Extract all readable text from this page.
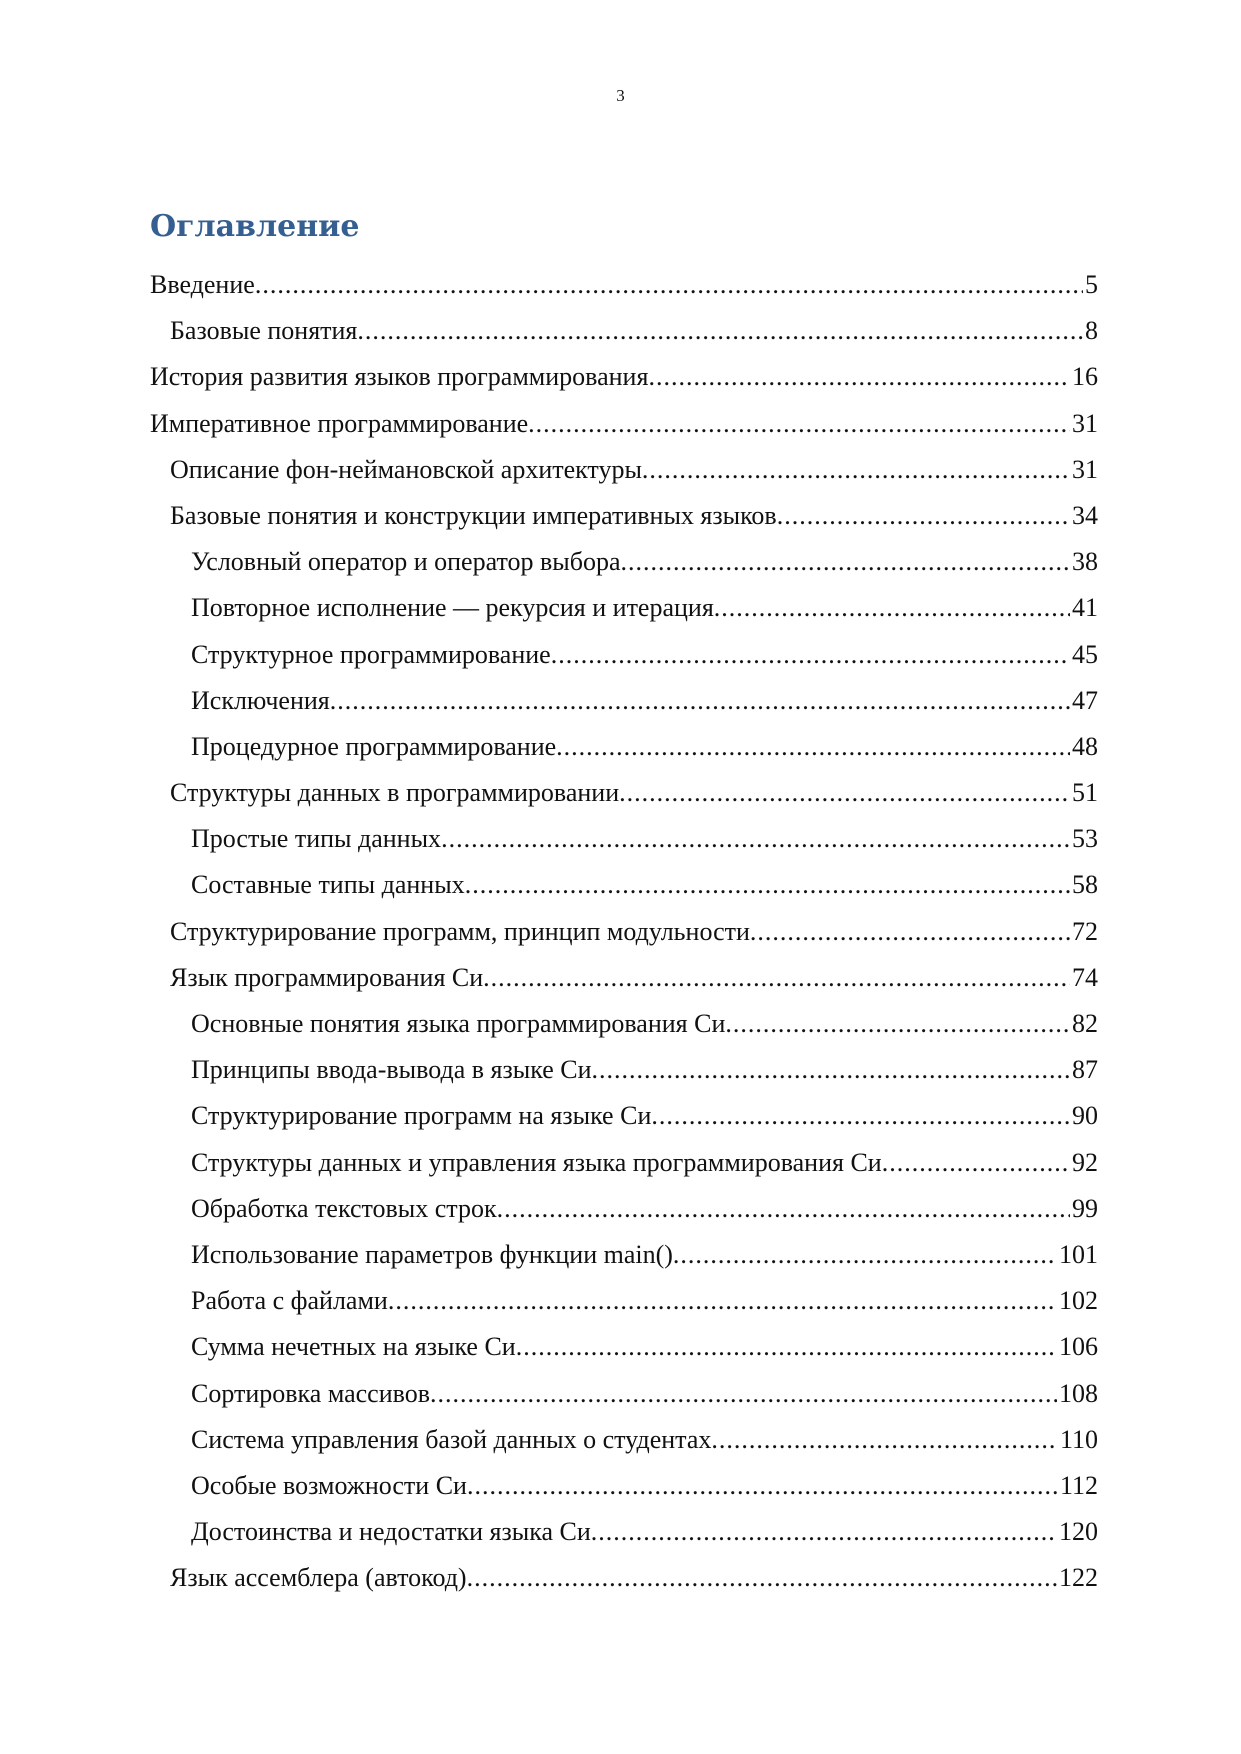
3
Оглавление
Введение .....	5
Базовые понятия .....	8
История развития языков программирования .....	16
Императивное программирование .....	31
Описание фон-неймановской архитектуры .....	31
Базовые понятия и конструкции императивных языков .....	34
Условный оператор и оператор выбора .....	38
Повторное исполнение — рекурсия и итерация .....	41
Структурное программирование .....	45
Исключения .....	47
Процедурное программирование .....	48
Структуры данных в программировании .....	51
Простые типы данных .....	53
Составные типы данных .....	58
Структурирование программ, принцип модульности .....	72
Язык программирования Си .....	74
Основные понятия языка программирования Си .....	82
Принципы ввода-вывода в языке Си .....	87
Структурирование программ на языке Си .....	90
Структуры данных и управления языка программирования Си .....	92
Обработка текстовых строк .....	99
Использование параметров функции main() .....	101
Работа с файлами .....	102
Сумма нечетных на языке Си .....	106
Сортировка массивов .....	108
Система управления базой данных о студентах .....	110
Особые возможности Си .....	112
Достоинства и недостатки языка Си .....	120
Язык ассемблера (автокод) .....	122
